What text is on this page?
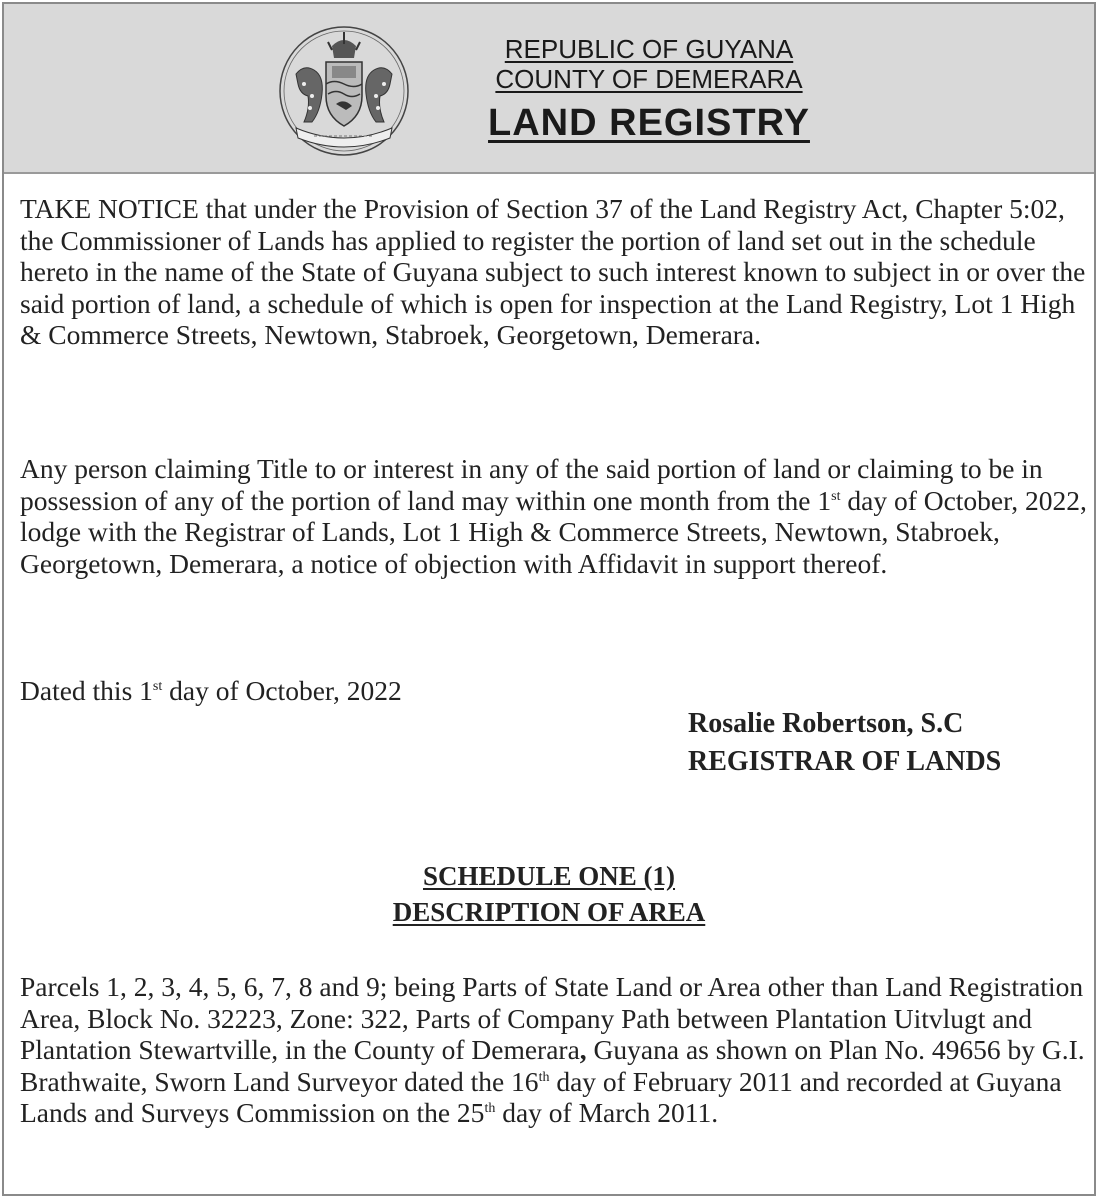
REPUBLIC OF GUYANA
COUNTY OF DEMERARA
LAND REGISTRY

TAKE NOTICE that under the Provision of Section 37 of the Land Registry Act, Chapter 5:02, the Commissioner of Lands has applied to register the portion of land set out in the schedule hereto in the name of the State of Guyana subject to such interest known to subject in or over the said portion of land, a schedule of which is open for inspection at the Land Registry, Lot 1 High & Commerce Streets, Newtown, Stabroek, Georgetown, Demerara.

Any person claiming Title to or interest in any of the said portion of land or claiming to be in possession of any of the portion of land may within one month from the 1st day of October, 2022, lodge with the Registrar of Lands, Lot 1 High & Commerce Streets, Newtown, Stabroek, Georgetown, Demerara, a notice of objection with Affidavit in support thereof.

Dated this 1st day of October, 2022

Rosalie Robertson, S.C
REGISTRAR OF LANDS
SCHEDULE ONE (1)
DESCRIPTION OF AREA

Parcels 1, 2, 3, 4, 5, 6, 7, 8 and 9; being Parts of State Land or Area other than Land Registration Area, Block No. 32223, Zone: 322, Parts of Company Path between Plantation Uitvlugt and Plantation Stewartville, in the County of Demerara, Guyana as shown on Plan No. 49656 by G.I. Brathwaite, Sworn Land Surveyor dated the 16th day of February 2011 and recorded at Guyana Lands and Surveys Commission on the 25th day of March 2011.
